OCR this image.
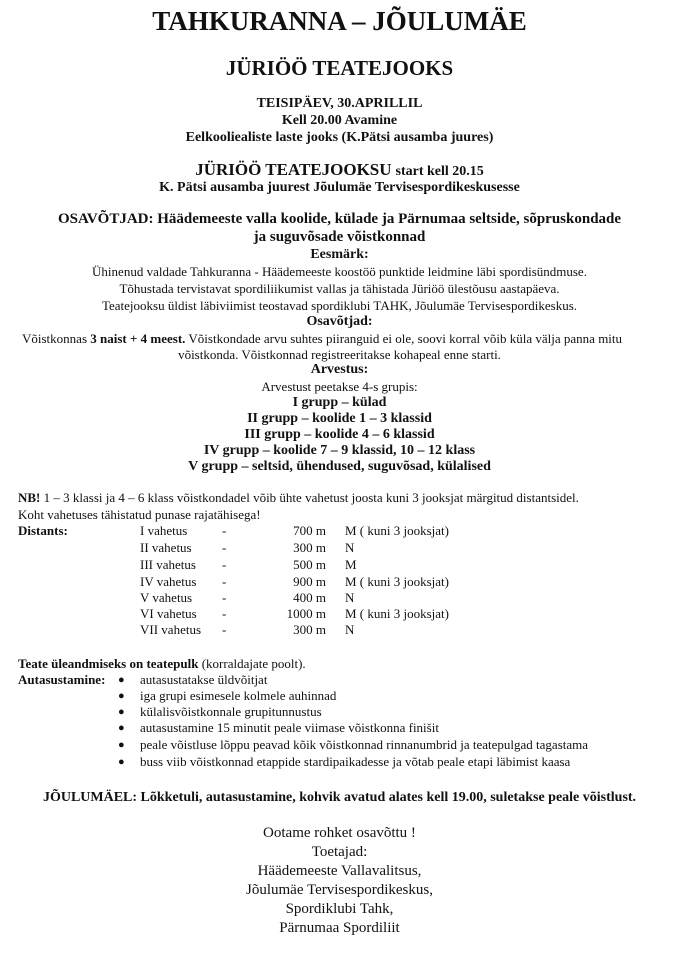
TAHKURANNA – JÕULUMÄE
JÜRIÖÖ TEATEJOOKS
TEISIPÄEV, 30.APRILLIL
Kell 20.00 Avamine
Eelkooliealiste laste jooks (K.Pätsi ausamba juures)
JÜRIÖÖ TEATEJOOKSU start kell 20.15
K. Pätsi ausamba juurest Jõulumäe Tervisespordikeskusesse
OSAVÕTJAD: Häädemeeste valla koolide, külade ja Pärnumaa seltside, sõpruskondade
ja suguvõsade võistkonnad
Eesmärk:
Ühinenud valdade Tahkuranna - Häädemeeste koostöö punktide leidmine läbi spordisündmuse.
Tõhustada tervistavat spordiliikumist vallas ja tähistada Jüriöö ülestõusu aastapäeva.
Teatejooksu üldist läbiviimist teostavad spordiklubi TAHK, Jõulumäe Tervisespordikeskus.
Osavõtjad:
Võistkonnas 3 naist + 4 meest. Võistkondade arvu suhtes piiranguid ei ole, soovi korral võib küla välja panna mitu
võistkonda. Võistkonnad registreeritakse kohapeal enne starti.
Arvestus:
Arvestust peetakse 4-s grupis:
I grupp – külad
II grupp – koolide 1 – 3 klassid
III grupp – koolide 4 – 6 klassid
IV grupp – koolide 7 – 9 klassid, 10 – 12 klass
V grupp – seltsid, ühendused, suguvõsad, külalised
NB! 1 – 3 klassi ja 4 – 6 klass võistkondadel võib ühte vahetust joosta kuni 3 jooksjat märgitud distantsidel.
Koht vahetuses tähistatud punase rajatähisega!
Distants:	I vahetus	-	700 m M ( kuni 3 jooksjat)
II vahetus -	300 m N
III vahetus -	500 m M
IV vahetus -	900 m M ( kuni 3 jooksjat)
V vahetus -	400 m N
VI vahetus -	1000 m M ( kuni 3 jooksjat)
VII vahetus -	300 m N
Teate üleandmiseks on teatepulk (korraldajate poolt).
Autasustamine: ● autasustatakse üldvõitjat
● iga grupi esimesele kolmele auhinnad
● külalisvõistkonnale grupitunnustus
● autasustamine 15 minutit peale viimase võistkonna finišit
● peale võistluse lõppu peavad kõik võistkonnad rinnanumbrid ja teatepulgad tagastama
● buss viib võistkonnad etappide stardipaikadesse ja võtab peale etapi läbimist kaasa
JÕULUMÄEL: Lõkketuli, autasustamine, kohvik avatud alates kell 19.00, suletakse peale võistlust.
Ootame rohket osavõttu !
Toetajad:
Häädemeeste Vallavalitsus,
Jõulumäe Tervisespordikeskus,
Spordiklubi Tahk,
Pärnumaa Spordiliit
